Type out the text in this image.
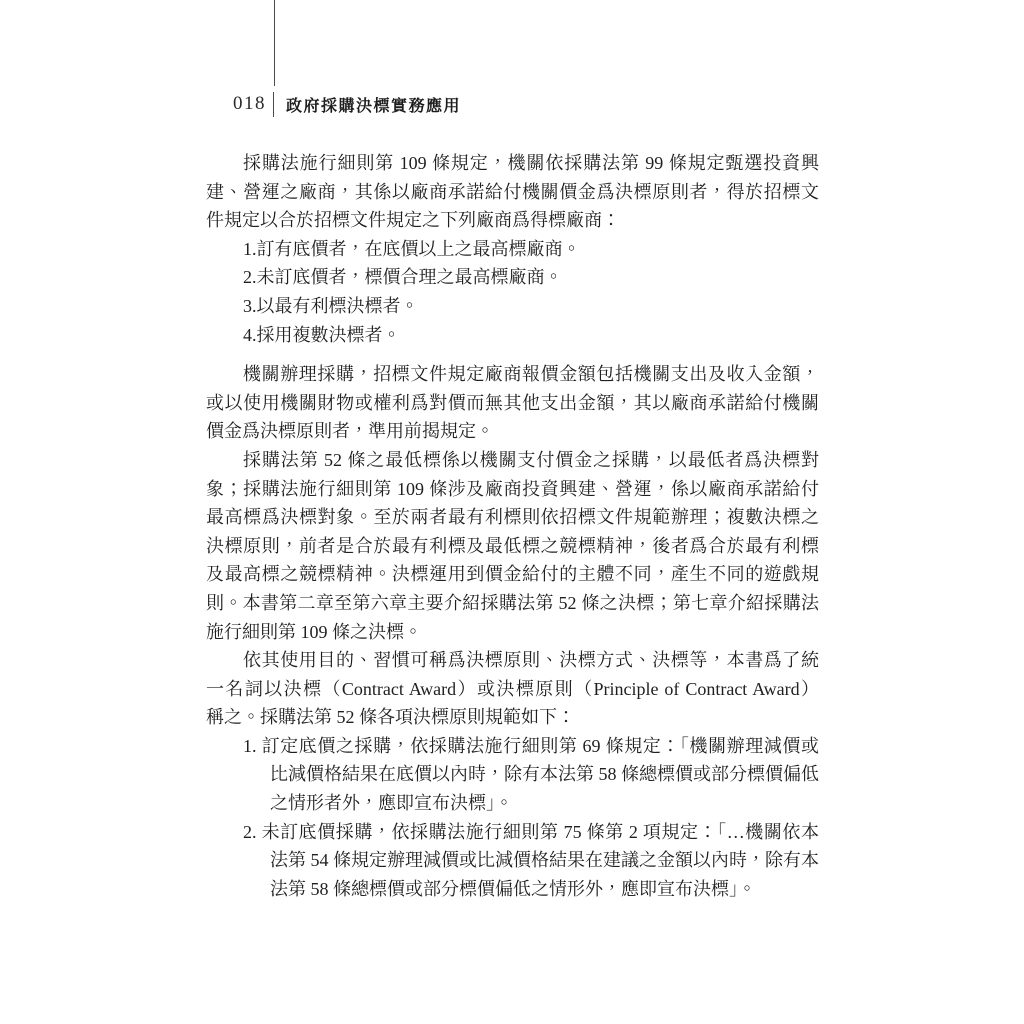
018	政府採購決標實務應用
採購法施行細則第 109 條規定，機關依採購法第 99 條規定甄選投資興
建、營運之廠商，其係以廠商承諾給付機關價金爲決標原則者，得於招標文
件規定以合於招標文件規定之下列廠商爲得標廠商：
1.訂有底價者，在底價以上之最高標廠商。
2.未訂底價者，標價合理之最高標廠商。
3.以最有利標決標者。
4.採用複數決標者。
機關辦理採購，招標文件規定廠商報價金額包括機關支出及收入金額，
或以使用機關財物或權利爲對價而無其他支出金額，其以廠商承諾給付機關
價金爲決標原則者，準用前揭規定。
採購法第 52 條之最低標係以機關支付價金之採購，以最低者爲決標對
象；採購法施行細則第 109 條涉及廠商投資興建、營運，係以廠商承諾給付
最高標爲決標對象。至於兩者最有利標則依招標文件規範辦理；複數決標之
決標原則，前者是合於最有利標及最低標之競標精神，後者爲合於最有利標
及最高標之競標精神。決標運用到價金給付的主體不同，產生不同的遊戲規
則。本書第二章至第六章主要介紹採購法第 52 條之決標；第七章介紹採購法
施行細則第 109 條之決標。
依其使用目的、習慣可稱爲決標原則、決標方式、決標等，本書爲了統
一名詞以決標（Contract Award）或決標原則（Principle of Contract Award）
稱之。採購法第 52 條各項決標原則規範如下：
1. 訂定底價之採購，依採購法施行細則第 69 條規定：「機關辦理減價或
比減價格結果在底價以內時，除有本法第 58 條總標價或部分標價偏低
之情形者外，應即宣布決標」。
2. 未訂底價採購，依採購法施行細則第 75 條第 2 項規定：「…機關依本
法第 54 條規定辦理減價或比減價格結果在建議之金額以內時，除有本
法第 58 條總標價或部分標價偏低之情形外，應即宣布決標」。
